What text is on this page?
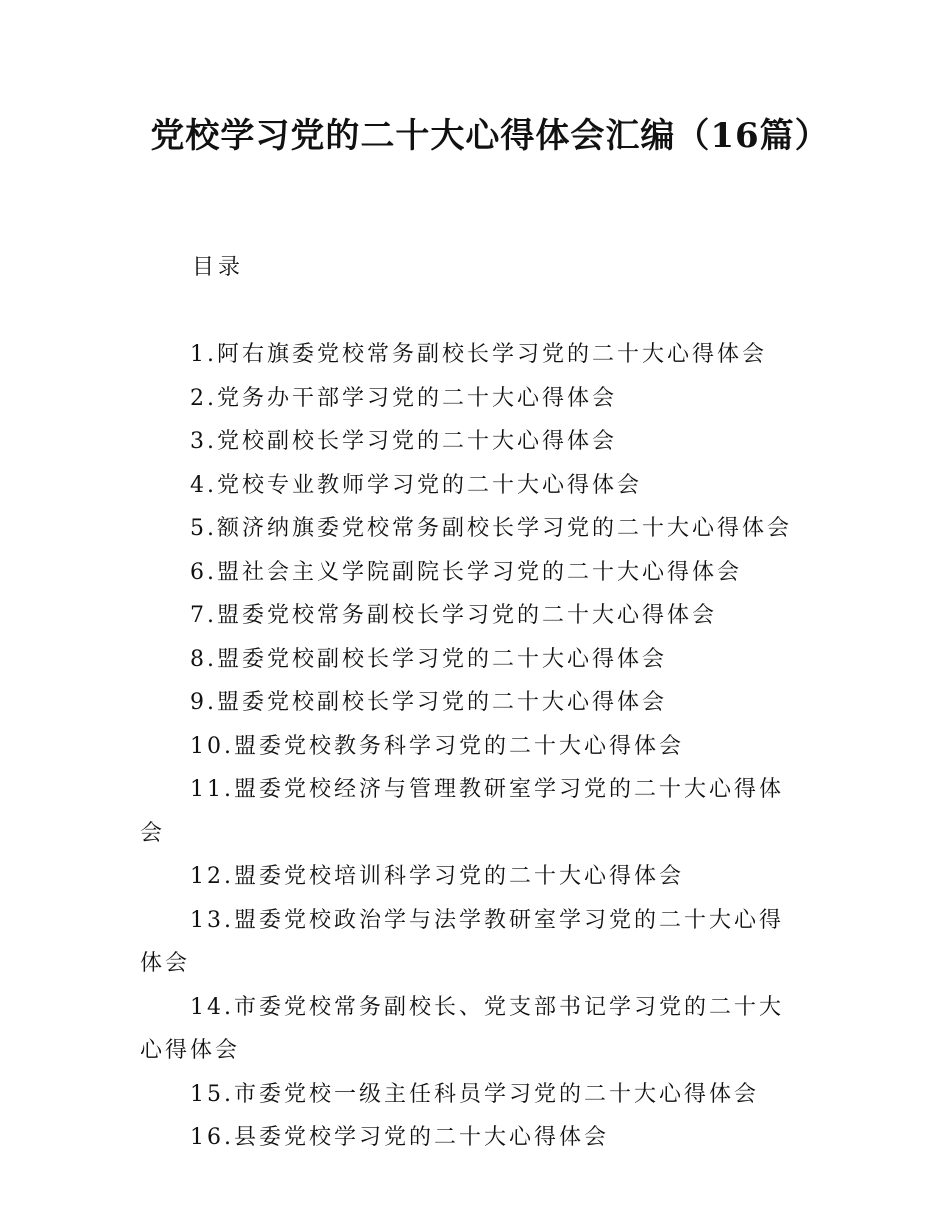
党校学习党的二十大心得体会汇编（16篇）
目录
1.阿右旗委党校常务副校长学习党的二十大心得体会
2.党务办干部学习党的二十大心得体会
3.党校副校长学习党的二十大心得体会
4.党校专业教师学习党的二十大心得体会
5.额济纳旗委党校常务副校长学习党的二十大心得体会
6.盟社会主义学院副院长学习党的二十大心得体会
7.盟委党校常务副校长学习党的二十大心得体会
8.盟委党校副校长学习党的二十大心得体会
9.盟委党校副校长学习党的二十大心得体会
10.盟委党校教务科学习党的二十大心得体会
11.盟委党校经济与管理教研室学习党的二十大心得体会
12.盟委党校培训科学习党的二十大心得体会
13.盟委党校政治学与法学教研室学习党的二十大心得体会
14.市委党校常务副校长、党支部书记学习党的二十大心得体会
15.市委党校一级主任科员学习党的二十大心得体会
16.县委党校学习党的二十大心得体会
